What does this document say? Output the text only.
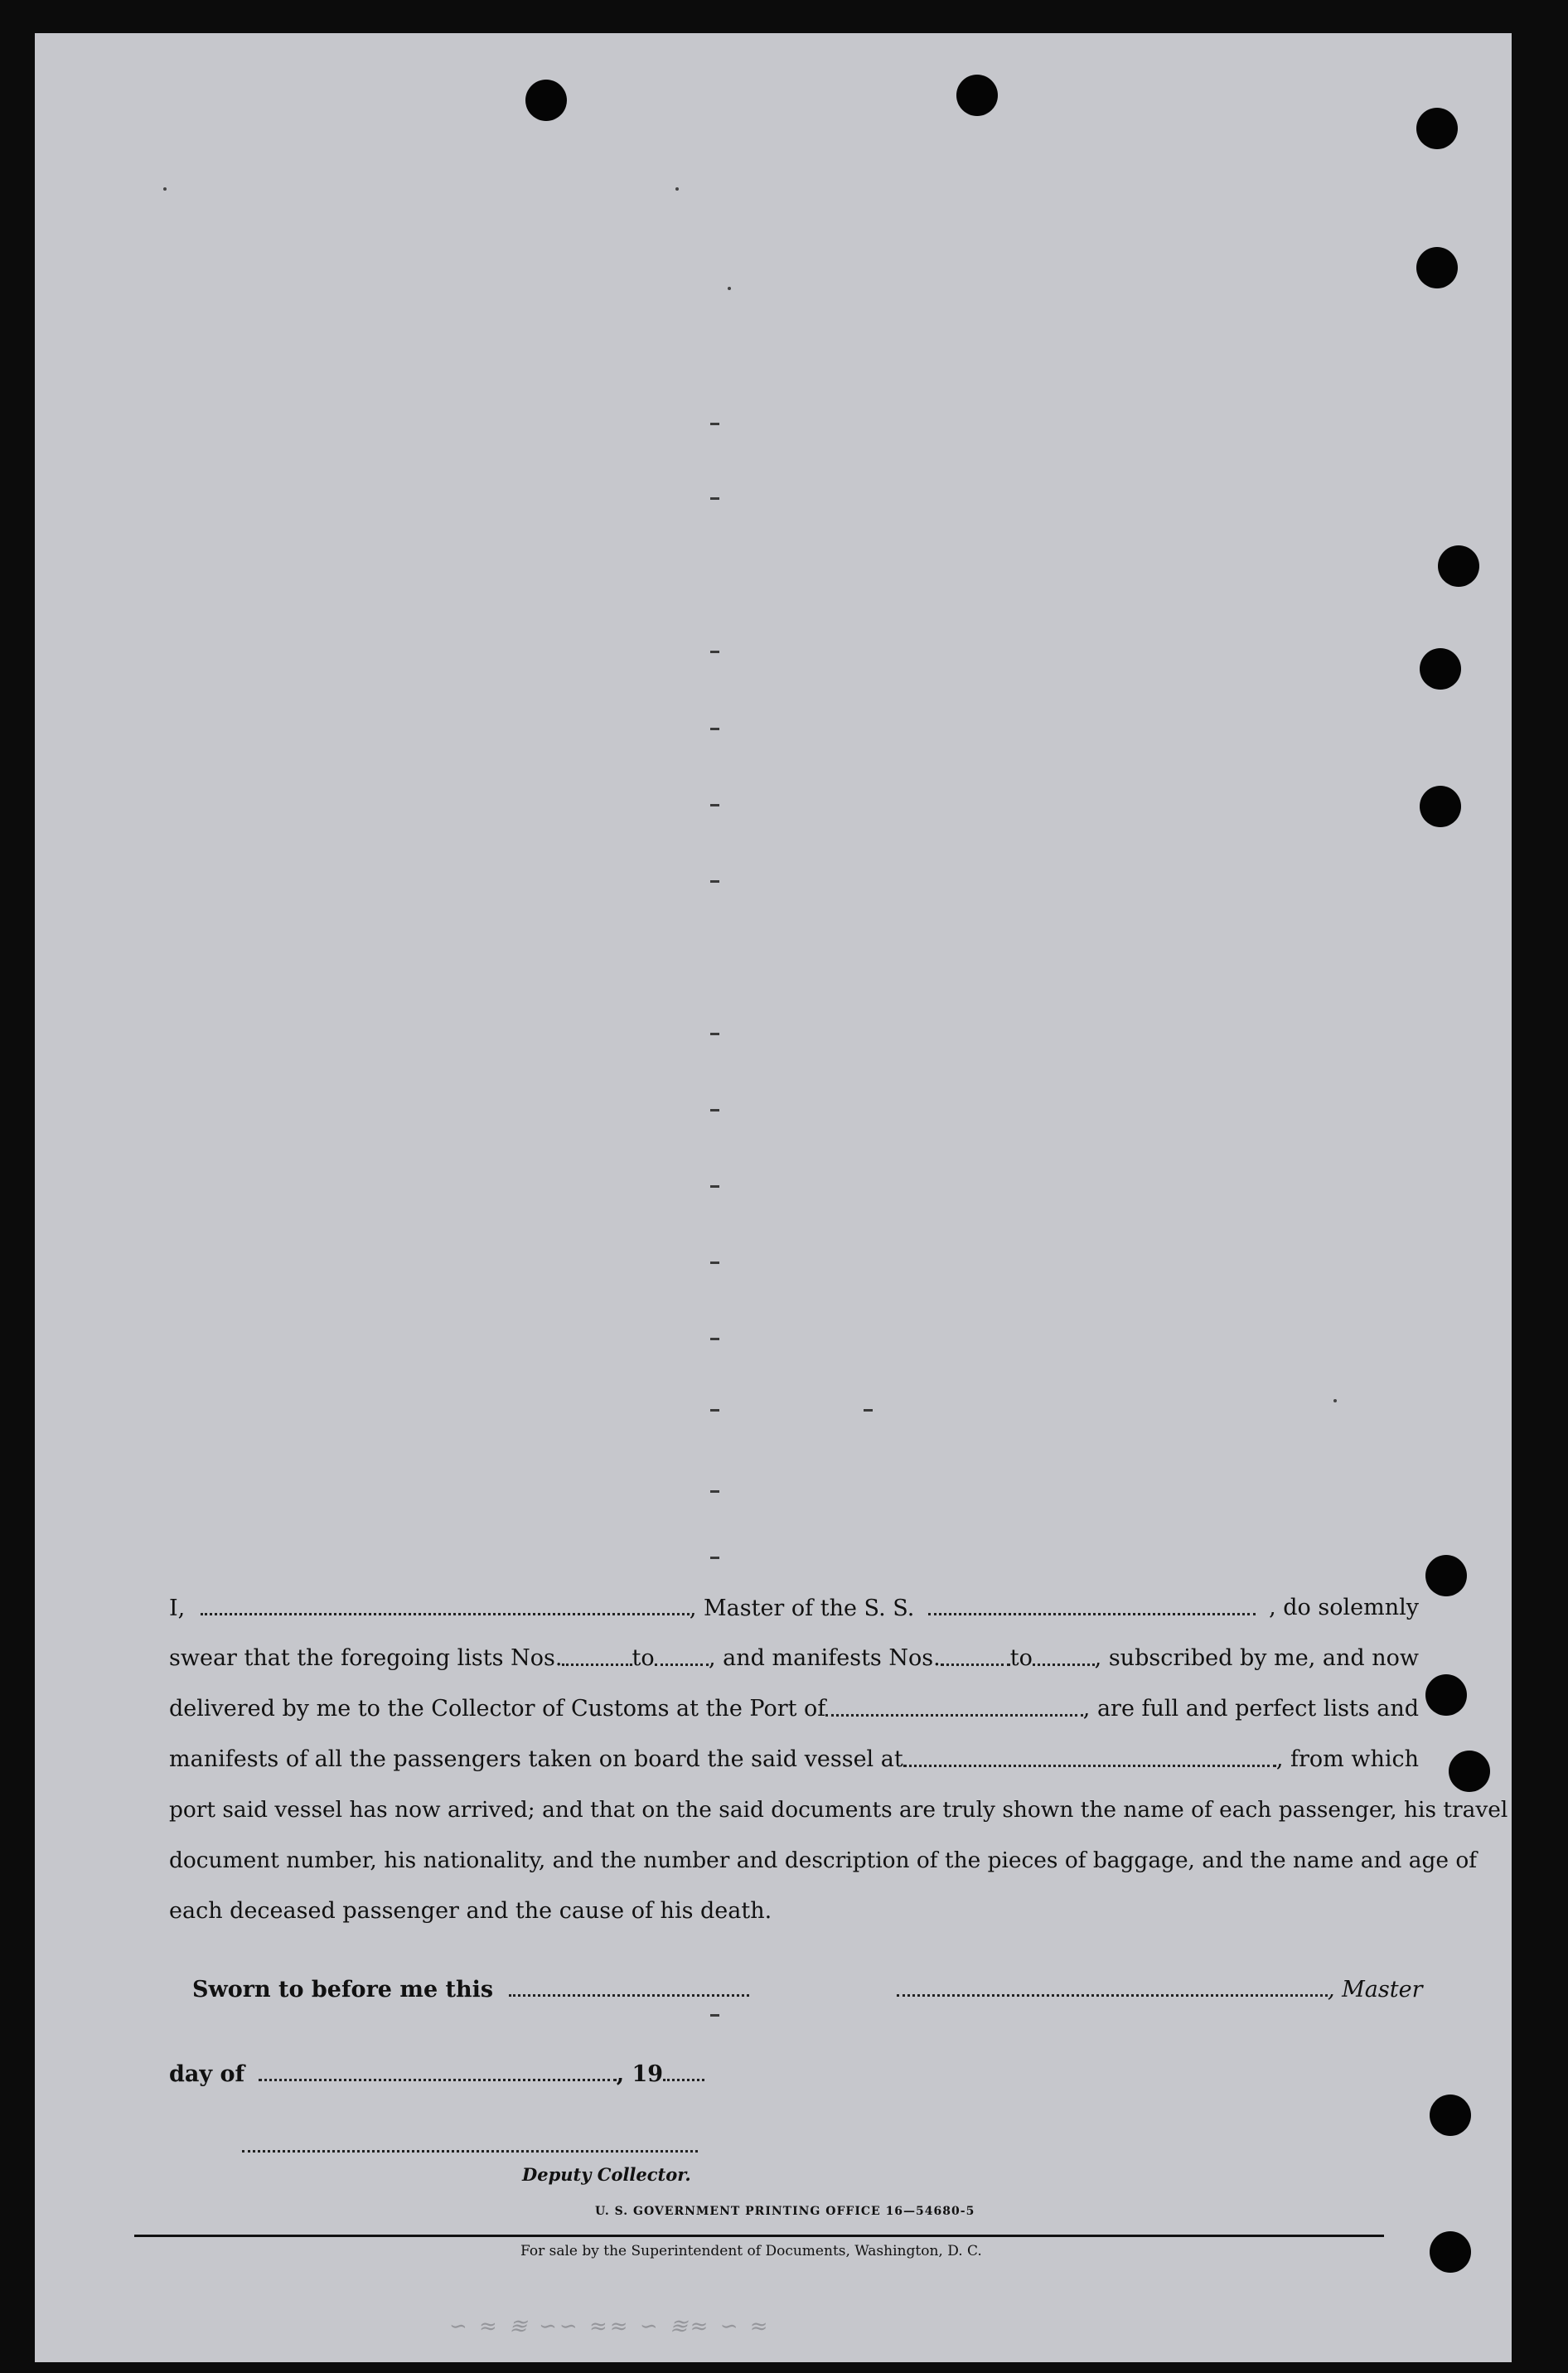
I,	, Master of the S. S.	, do solemnly
swear that the foregoing lists Nos.	to , and manifests Nos.	to	, subscribed by me, and now
delivered by me to the Collector of Customs at the Port of	, are full and perfect lists and
manifests of all the passengers taken on board the said vessel at	, from which
port said vessel has now arrived; and that on the said documents are truly shown the name of each passenger, his travel
document number, his nationality, and the number and description of the pieces of baggage, and the name and age of
each deceased passenger and the cause of his death.
Sworn to before me this	, Master
day of	, 19
Deputy Collector.
U. S. GOVERNMENT PRINTING OFFICE 16—54680-5
For sale by the Superintendent of Documents, Washington, D. C.
∽ ≈ ≋ ∽∽ ≈≈ ∽ ≋≈ ∽ ≈
